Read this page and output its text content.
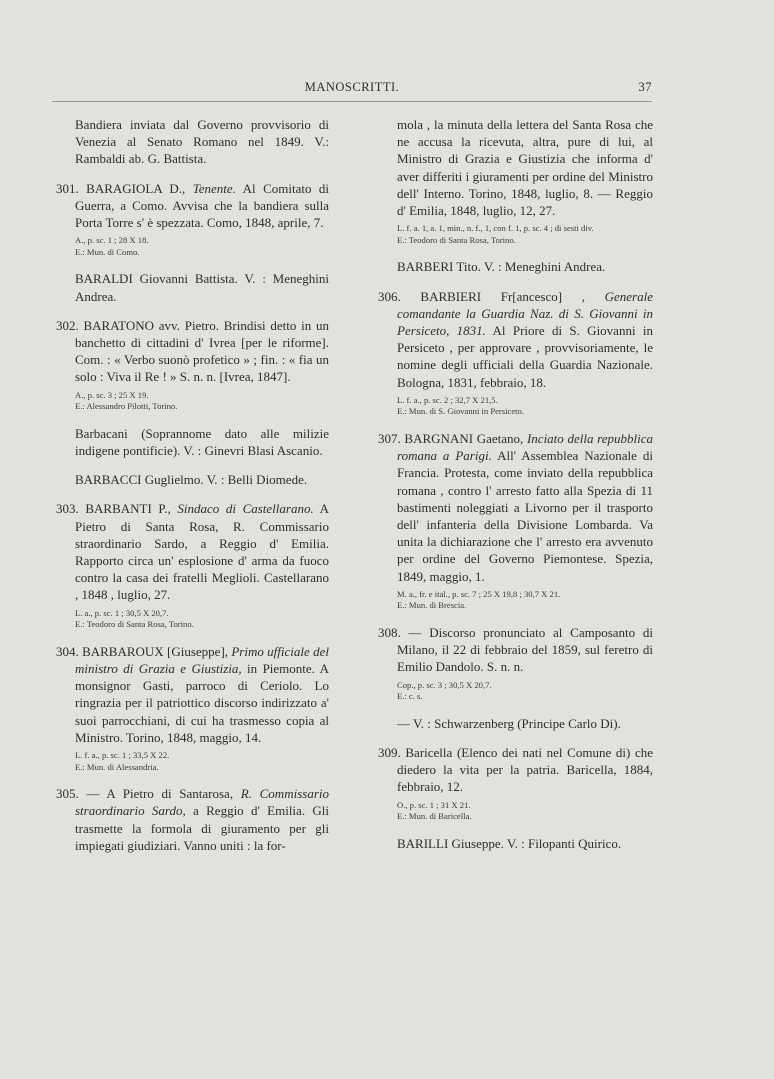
MANOSCRITTI.	37

Bandiera inviata dal Governo provvisorio di Venezia al Senato Romano nel 1849. V.: Rambaldi ab. G. Battista.

301. BARAGIOLA D., Tenente. Al Comitato di Guerra, a Como. Avvisa che la bandiera sulla Porta Torre s' è spezzata. Como, 1848, aprile, 7.

A., p. sc. 1 ; 28 X 18.
E.: Mun. di Como.
BARALDI Giovanni Battista. V. : Meneghini Andrea.

302. BARATONO avv. Pietro. Brindisi detto in un banchetto di cittadini d' Ivrea [per le riforme]. Com. : « Verbo suonò profetico » ; fin. : « fia un solo : Viva il Re ! » S. n. n. [Ivrea, 1847].

A., p. sc. 3 ; 25 X 19.
E.: Alessandro Pilotti, Torino.
Barbacani (Soprannome dato alle milizie indigene pontificie). V. : Ginevri Blasi Ascanio.
BARBACCI Guglielmo. V. : Belli Diomede.

303. BARBANTI P., Sindaco di Castellarano. A Pietro di Santa Rosa, R. Commissario straordinario Sardo, a Reggio d' Emilia. Rapporto circa un' esplosione d' arma da fuoco contro la casa dei fratelli Meglioli. Castellarano , 1848 , luglio, 27.

L. a., p. sc. 1 ; 30,5 X 20,7.
E.: Teodoro di Santa Rosa, Torino.

304. BARBAROUX [Giuseppe], Primo ufficiale del ministro di Grazia e Giustizia, in Piemonte. A monsignor Gasti, parroco di Ceriolo. Lo ringrazia per il patriottico discorso indirizzato a' suoi parrocchiani, di cui ha trasmesso copia al Ministro. Torino, 1848, maggio, 14.

L. f. a., p. sc. 1 ; 33,5 X 22.
E.: Mun. di Alessandria.

305. — A Pietro di Santarosa, R. Commissario straordinario Sardo, a Reggio d' Emilia. Gli trasmette la formola di giuramento per gli impiegati giudiziari. Vanno uniti : la for-

mola , la minuta della lettera del Santa Rosa che ne accusa la ricevuta, altra, pure di lui, al Ministro di Grazia e Giustizia che informa d' aver differiti i giuramenti per ordine del Ministro dell' Interno. Torino, 1848, luglio, 8. — Reggio d' Emilia, 1848, luglio, 12, 27.

L. f. a. 1, a. 1, min., n. f., 1, con f. 1, p. sc. 4 ; di sesti div.
E.: Teodoro di Santa Rosa, Torino.
BARBERI Tito. V. : Meneghini Andrea.

306. BARBIERI Fr[ancesco] , Generale comandante la Guardia Naz. di S. Giovanni in Persiceto, 1831. Al Priore di S. Giovanni in Persiceto , per approvare , provvisoriamente, le nomine degli ufficiali della Guardia Nazionale. Bologna, 1831, febbraio, 18.

L. f. a., p. sc. 2 ; 32,7 X 21,5.
E.: Mun. di S. Giovanni in Persiceto.

307. BARGNANI Gaetano, Inciato della repubblica romana a Parigi. All' Assemblea Nazionale di Francia. Protesta, come inviato della repubblica romana , contro l' arresto fatto alla Spezia di 11 bastimenti noleggiati a Livorno per il trasporto dell' infanteria della Divisione Lombarda. Va unita la dichiarazione che l' arresto era avvenuto per ordine del Governo Piemontese. Spezia, 1849, maggio, 1.

M. a., fr. e ital., p. sc. 7 ; 25 X 19,8 ; 30,7 X 21.
E.: Mun. di Brescia.

308. — Discorso pronunciato al Camposanto di Milano, il 22 di febbraio del 1859, sul feretro di Emilio Dandolo. S. n. n.

Cop., p. sc. 3 ; 30,5 X 20,7.
E.: c. s.
— V. : Schwarzenberg (Principe Carlo Di).

309. Baricella (Elenco dei nati nel Comune di) che diedero la vita per la patria. Baricella, 1884, febbraio, 12.

O., p. sc. 1 ; 31 X 21.
E.: Mun. di Baricella.
BARILLI Giuseppe. V. : Filopanti Quirico.
